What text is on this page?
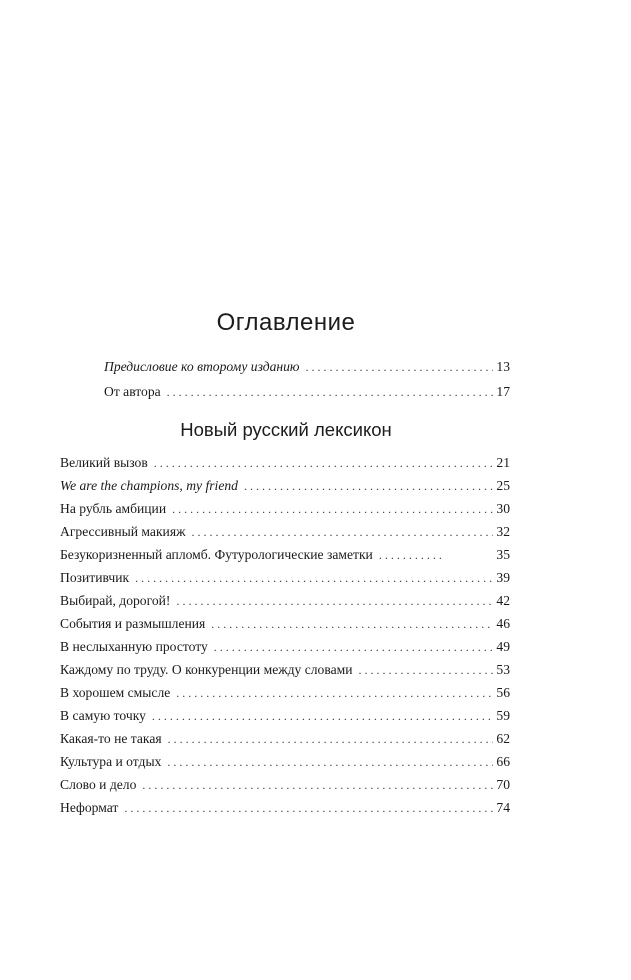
Оглавление
Предисловие ко второму изданию . . .	13
От автора . . .	17
Новый русский лексикон
Великий вызов . . .	21
We are the champions, my friend . . .	25
На рубль амбиции . . .	30
Агрессивный макияж . . .	32
Безукоризненный апломб. Футурологические заметки . . .	35
Позитивчик . . .	39
Выбирай, дорогой! . . .	42
События и размышления . . .	46
В неслыханную простоту . . .	49
Каждому по труду. О конкуренции между словами . . .	53
В хорошем смысле . . .	56
В самую точку . . .	59
Какая-то не такая . . .	62
Культура и отдых . . .	66
Слово и дело . . .	70
Неформат . . .	74
